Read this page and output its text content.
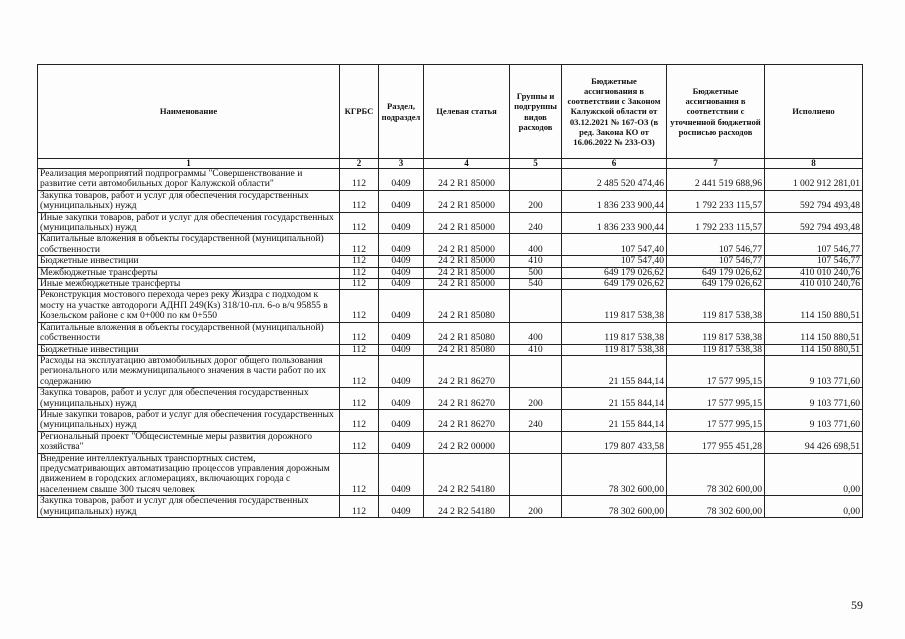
Наименование	КГРБС	Раздел, подраздел	Целевая статья	Группы и подгруппы видов расходов	Бюджетные ассигнования в соответствии с Законом Калужской области от 03.12.2021 № 167-ОЗ (в ред. Закона КО от 16.06.2022 № 233-ОЗ)	Бюджетные ассигнования в соответствии с уточненной бюджетной росписью расходов	Исполнено
1	2	3	4	5	6	7	8
Реализация мероприятий подпрограммы "Совершенствование и развитие сети автомобильных дорог Калужской области"	112	0409	24 2 R1 85000		2 485 520 474,46	2 441 519 688,96	1 002 912 281,01
Закупка товаров, работ и услуг для обеспечения государственных (муниципальных) нужд	112	0409	24 2 R1 85000	200	1 836 233 900,44	1 792 233 115,57	592 794 493,48
Иные закупки товаров, работ и услуг для обеспечения государственных (муниципальных) нужд	112	0409	24 2 R1 85000	240	1 836 233 900,44	1 792 233 115,57	592 794 493,48
Капитальные вложения в объекты государственной (муниципальной) собственности	112	0409	24 2 R1 85000	400	107 547,40	107 546,77	107 546,77
Бюджетные инвестиции	112	0409	24 2 R1 85000	410	107 547,40	107 546,77	107 546,77
Межбюджетные трансферты	112	0409	24 2 R1 85000	500	649 179 026,62	649 179 026,62	410 010 240,76
Иные межбюджетные трансферты	112	0409	24 2 R1 85000	540	649 179 026,62	649 179 026,62	410 010 240,76
Реконструкция мостового перехода через реку Жиздра с подходом к мосту на участке автодороги АДНП 249(Кз) 318/10-пл. 6-о в/ч 95855 в Козельском районе с км 0+000 по км 0+550	112	0409	24 2 R1 85080		119 817 538,38	119 817 538,38	114 150 880,51
Капитальные вложения в объекты государственной (муниципальной) собственности	112	0409	24 2 R1 85080	400	119 817 538,38	119 817 538,38	114 150 880,51
Бюджетные инвестиции	112	0409	24 2 R1 85080	410	119 817 538,38	119 817 538,38	114 150 880,51
Расходы на эксплуатацию автомобильных дорог общего пользования регионального или межмуниципального значения в части работ по их содержанию	112	0409	24 2 R1 86270		21 155 844,14	17 577 995,15	9 103 771,60
Закупка товаров, работ и услуг для обеспечения государственных (муниципальных) нужд	112	0409	24 2 R1 86270	200	21 155 844,14	17 577 995,15	9 103 771,60
Иные закупки товаров, работ и услуг для обеспечения государственных (муниципальных) нужд	112	0409	24 2 R1 86270	240	21 155 844,14	17 577 995,15	9 103 771,60
Региональный проект "Общесистемные меры развития дорожного хозяйства"	112	0409	24 2 R2 00000		179 807 433,58	177 955 451,28	94 426 698,51
Внедрение интеллектуальных транспортных систем, предусматривающих автоматизацию процессов управления дорожным движением в городских агломерациях, включающих города с населением свыше 300 тысяч человек	112	0409	24 2 R2 54180		78 302 600,00	78 302 600,00	0,00
Закупка товаров, работ и услуг для обеспечения государственных (муниципальных) нужд	112	0409	24 2 R2 54180	200	78 302 600,00	78 302 600,00	0,00
59
